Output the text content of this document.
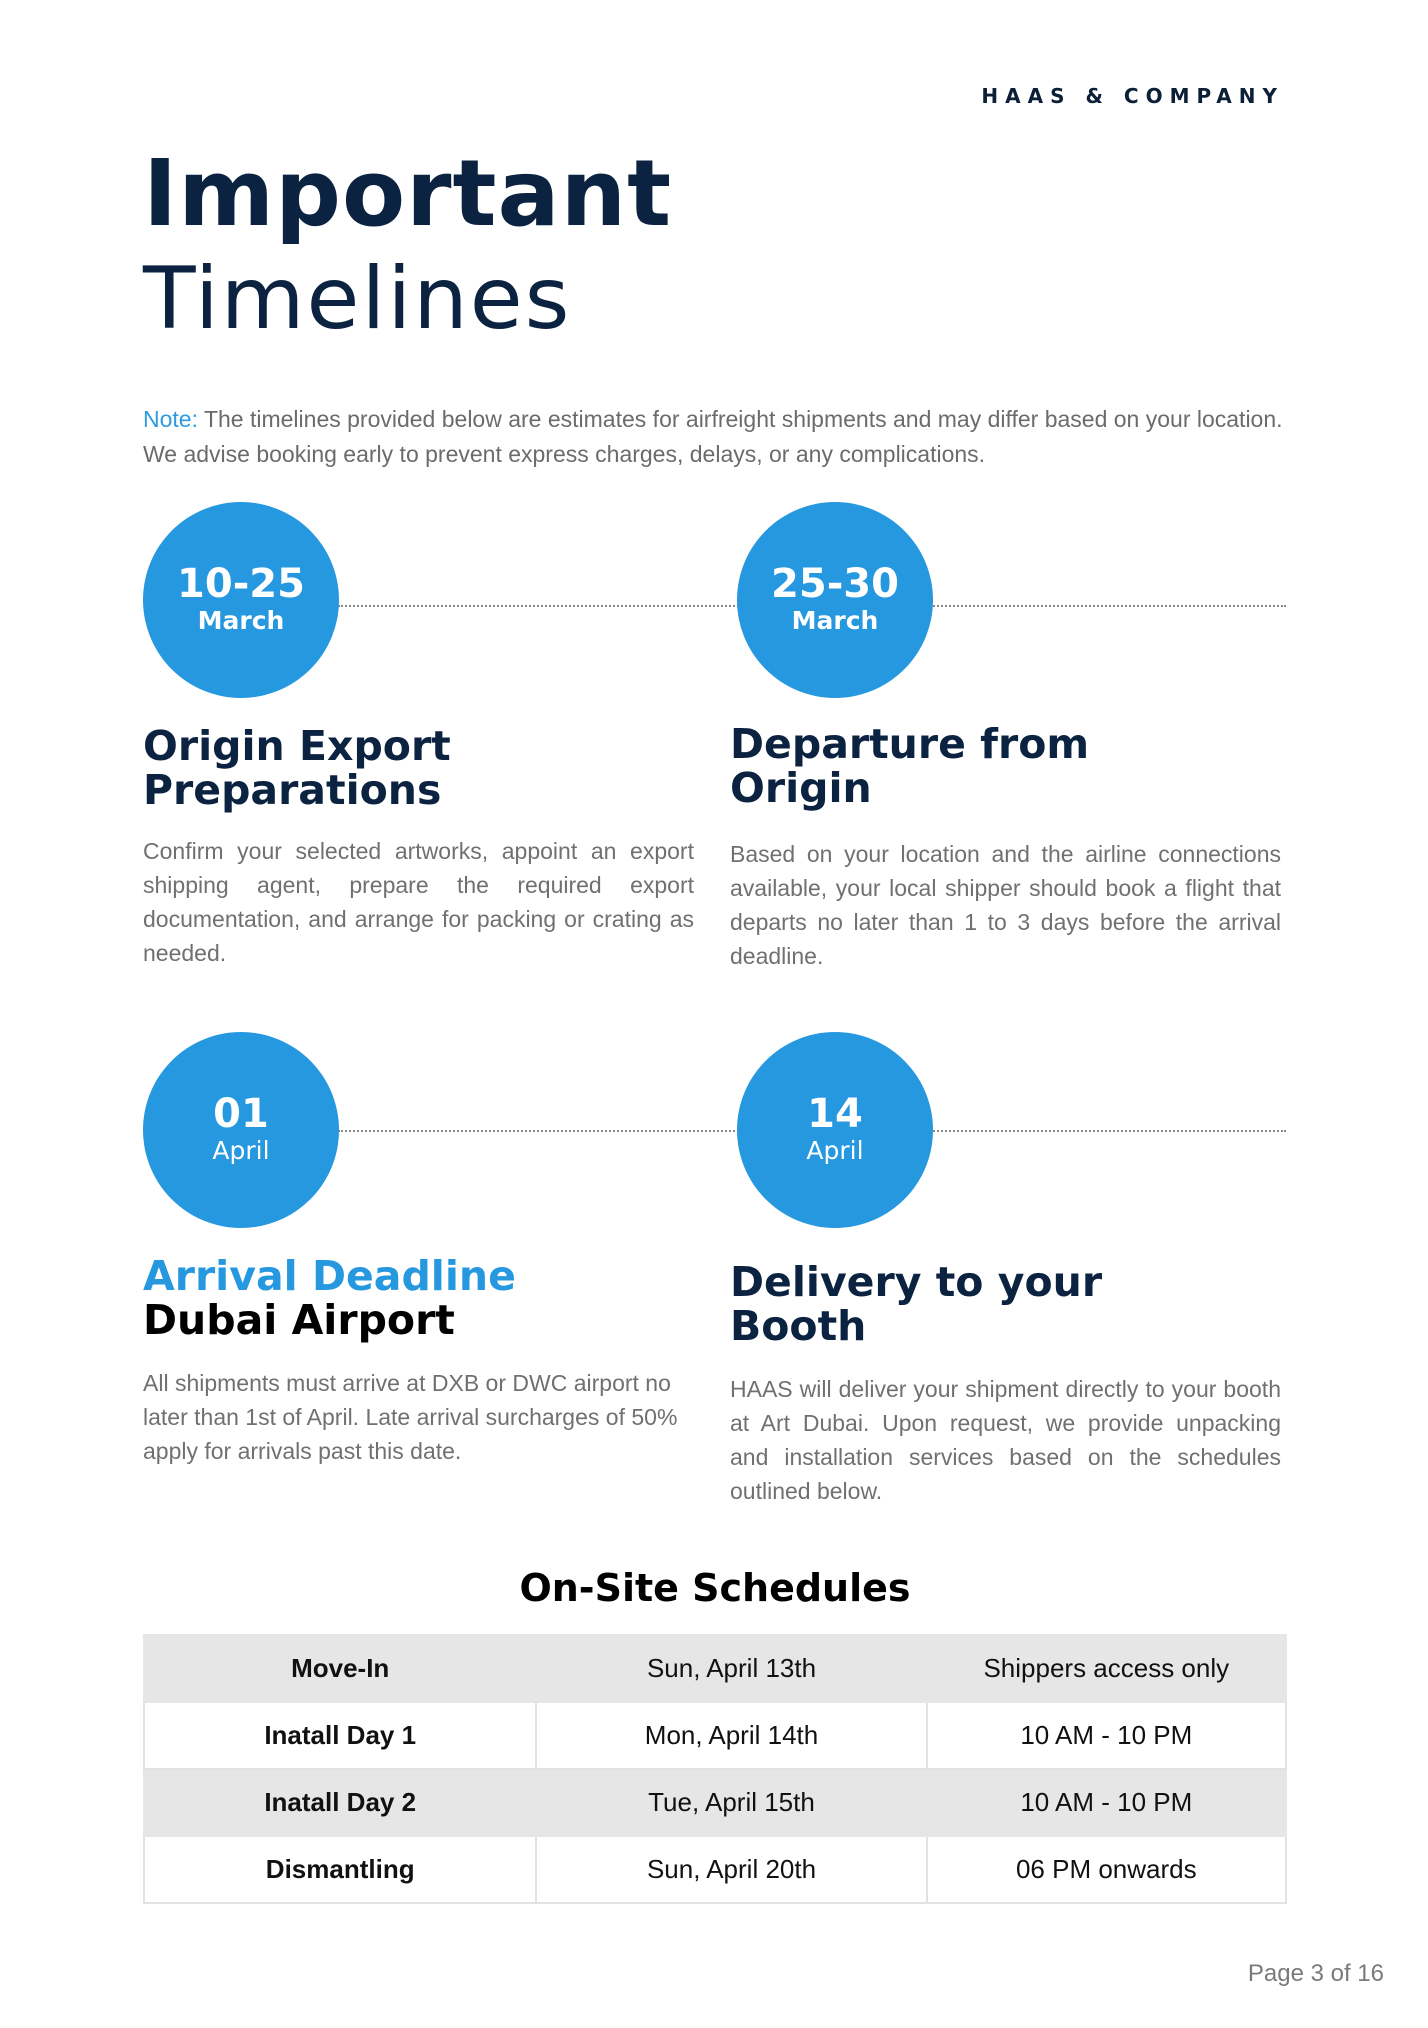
HAAS & COMPANY
Important
Timelines

Note: The timelines provided below are estimates for airfreight shipments and may differ based on your location. We advise booking early to prevent express charges, delays, or any complications.

10-25
March
Origin Export
Preparations

Confirm your selected artworks, appoint an export shipping agent, prepare the required export documentation, and arrange for packing or crating as needed.

25-30
March
Departure from
Origin

Based on your location and the airline connections available, your local shipper should book a flight that departs no later than 1 to 3 days before the arrival deadline.

01
April
Arrival Deadline
Dubai Airport

All shipments must arrive at DXB or DWC airport no later than 1st of April. Late arrival surcharges of 50% apply for arrivals past this date.

14
April
Delivery to your
Booth

HAAS will deliver your shipment directly to your booth at Art Dubai. Upon request, we provide unpacking and installation services based on the schedules outlined below.

On-Site Schedules
Move-In	Sun, April 13th	Shippers access only
Inatall Day 1	Mon, April 14th	10 AM - 10 PM
Inatall Day 2	Tue, April 15th	10 AM - 10 PM
Dismantling	Sun, April 20th	06 PM onwards
Page 3 of 16
